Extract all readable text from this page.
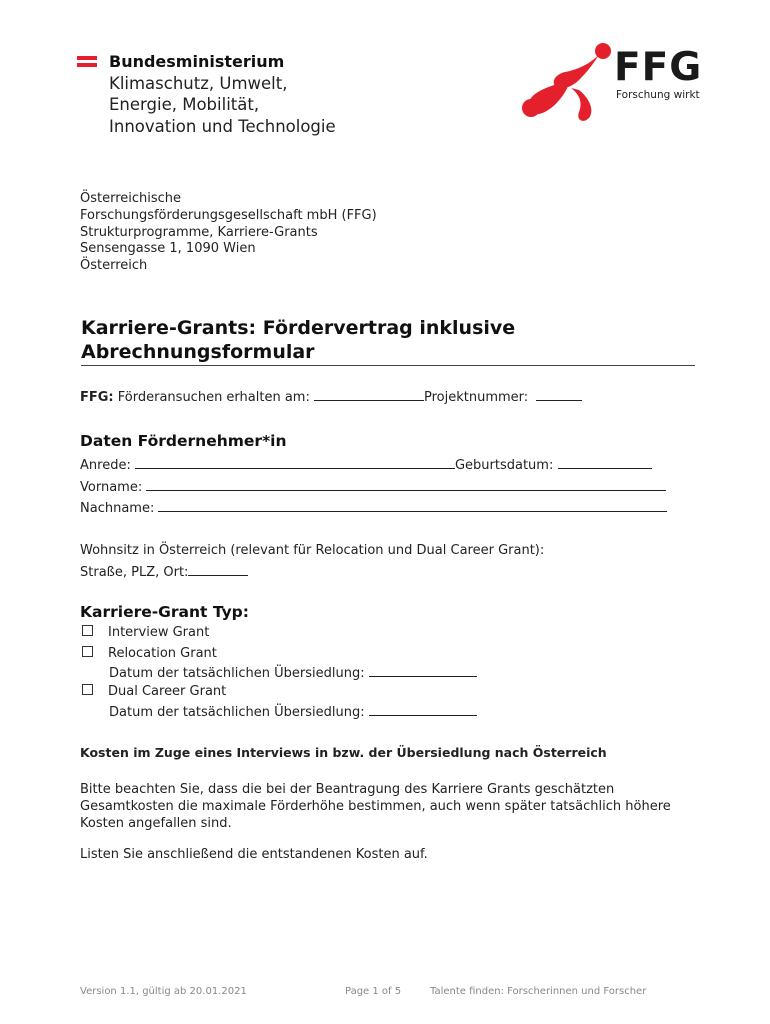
Bundesministerium
Klimaschutz, Umwelt,
Energie, Mobilität,
Innovation und Technologie
FFG
Forschung wirkt
Österreichische
Forschungsförderungsgesellschaft mbH (FFG)
Strukturprogramme, Karriere-Grants
Sensengasse 1, 1090 Wien
Österreich
Karriere-Grants: Fördervertrag inklusive Abrechnungsformular
FFG: Förderansuchen erhalten am:	Projektnummer:
Daten Fördernehmer*in
Anrede:	Geburtsdatum:
Vorname:
Nachname:
Wohnsitz in Österreich (relevant für Relocation und Dual Career Grant):
Straße, PLZ, Ort:
Karriere-Grant Typ:
Interview Grant
Relocation Grant
Datum der tatsächlichen Übersiedlung:
Dual Career Grant
Datum der tatsächlichen Übersiedlung:
Kosten im Zuge eines Interviews in bzw. der Übersiedlung nach Österreich
Bitte beachten Sie, dass die bei der Beantragung des Karriere Grants geschätzten Gesamtkosten die maximale Förderhöhe bestimmen, auch wenn später tatsächlich höhere Kosten angefallen sind.
Listen Sie anschließend die entstandenen Kosten auf.
Version 1.1, gültig ab 20.01.2021	Page 1 of 5	Talente finden: Forscherinnen und Forscher
